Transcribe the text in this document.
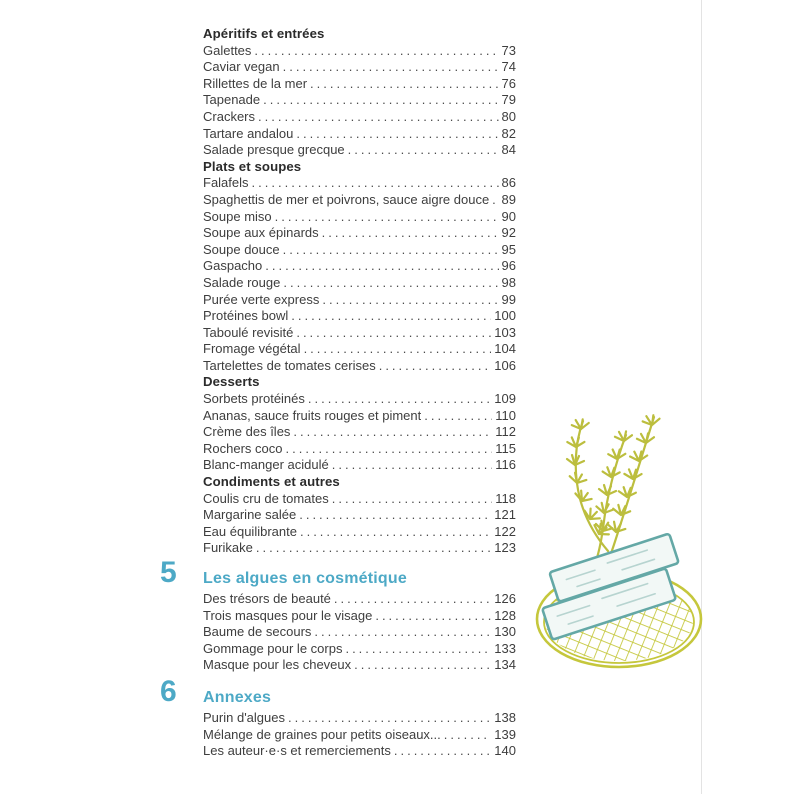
Apéritifs et entrées
Galettes .....	73
Caviar vegan .....	74
Rillettes de la mer .....	76
Tapenade .....	79
Crackers .....	80
Tartare andalou .....	82
Salade presque grecque .....	84
Plats et soupes
Falafels .....	86
Spaghettis de mer et poivrons, sauce aigre douce ..... 89
Soupe miso .....	90
Soupe aux épinards .....	92
Soupe douce .....	95
Gaspacho .....	96
Salade rouge .....	98
Purée verte express .....	99
Protéines bowl .....	100
Taboulé revisité .....	103
Fromage végétal .....	104
Tartelettes de tomates cerises .....	106
Desserts
Sorbets protéinés .....	109
Ananas, sauce fruits rouges et piment .....	110
Crème des îles .....	112
Rochers coco .....	115
Blanc-manger acidulé .....	116
Condiments et autres
Coulis cru de tomates .....	118
Margarine salée .....	121
Eau équilibrante .....	122
Furikake .....	123
5 Les algues en cosmétique
Des trésors de beauté .....	126
Trois masques pour le visage .....	128
Baume de secours .....	130
Gommage pour le corps .....	133
Masque pour les cheveux .....	134
6 Annexes
Purin d'algues .....	138
Mélange de graines pour petits oiseaux... .....	139
Les auteur·e·s et remerciements .....	140
